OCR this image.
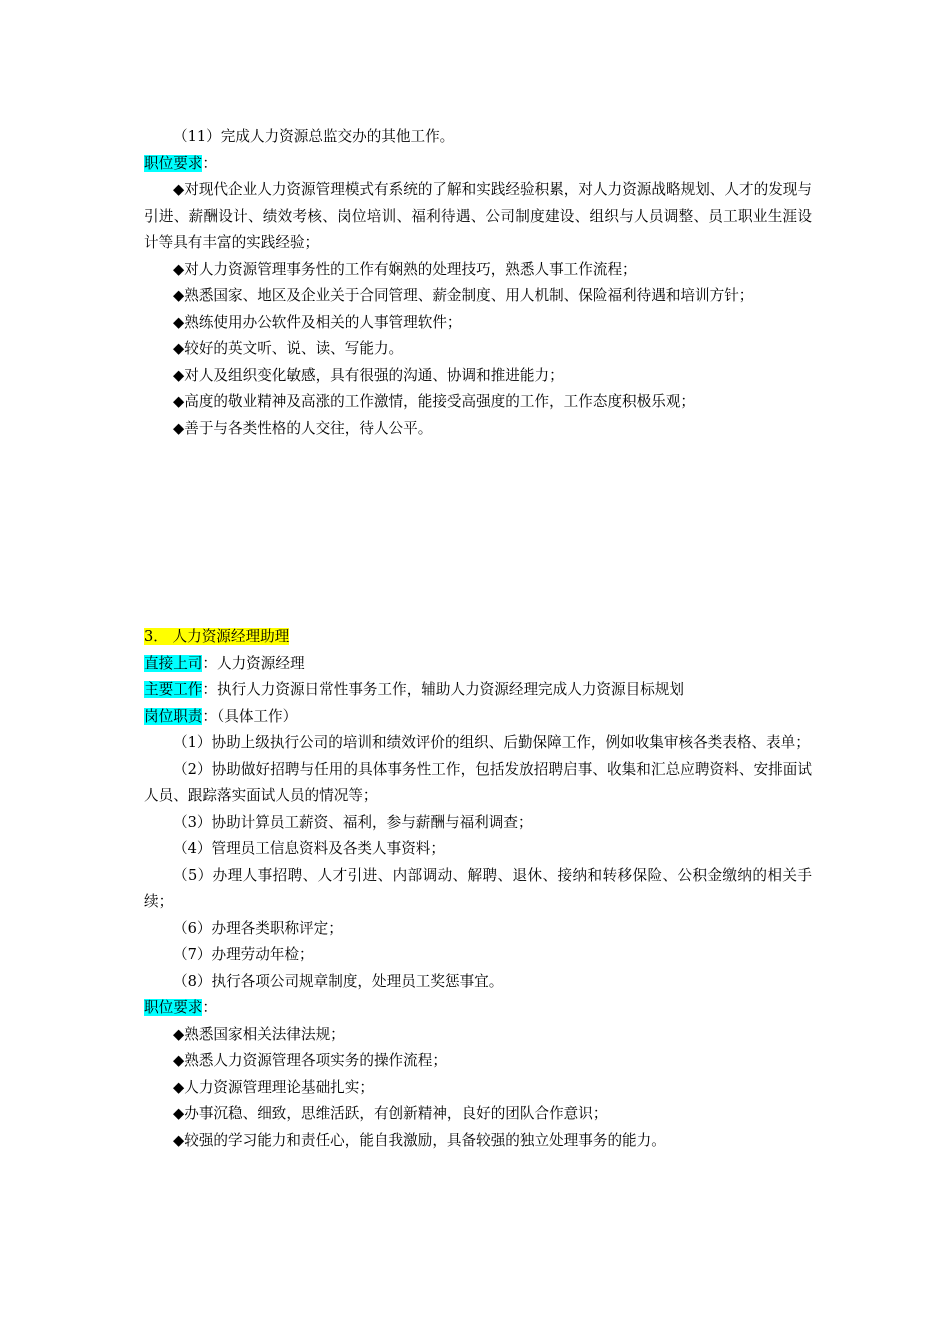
（11）完成人力资源总监交办的其他工作。

职位要求：

◆对现代企业人力资源管理模式有系统的了解和实践经验积累，对人力资源战略规划、人才的发现与引进、薪酬设计、绩效考核、岗位培训、福利待遇、公司制度建设、组织与人员调整、员工职业生涯设计等具有丰富的实践经验；

◆对人力资源管理事务性的工作有娴熟的处理技巧，熟悉人事工作流程；

◆熟悉国家、地区及企业关于合同管理、薪金制度、用人机制、保险福利待遇和培训方针；

◆熟练使用办公软件及相关的人事管理软件；

◆较好的英文听、说、读、写能力。

◆对人及组织变化敏感，具有很强的沟通、协调和推进能力；

◆高度的敬业精神及高涨的工作激情，能接受高强度的工作，工作态度积极乐观；

◆善于与各类性格的人交往，待人公平。

3． 人力资源经理助理

直接上司：人力资源经理

主要工作：执行人力资源日常性事务工作，辅助人力资源经理完成人力资源目标规划

岗位职责：（具体工作）

（1）协助上级执行公司的培训和绩效评价的组织、后勤保障工作，例如收集审核各类表格、表单；

（2）协助做好招聘与任用的具体事务性工作，包括发放招聘启事、收集和汇总应聘资料、安排面试人员、跟踪落实面试人员的情况等；

（3）协助计算员工薪资、福利，参与薪酬与福利调查；

（4）管理员工信息资料及各类人事资料；

（5）办理人事招聘、人才引进、内部调动、解聘、退休、接纳和转移保险、公积金缴纳的相关手续；

（6）办理各类职称评定；

（7）办理劳动年检；

（8）执行各项公司规章制度，处理员工奖惩事宜。

职位要求：

◆熟悉国家相关法律法规；

◆熟悉人力资源管理各项实务的操作流程；

◆人力资源管理理论基础扎实；

◆办事沉稳、细致，思维活跃，有创新精神，良好的团队合作意识；

◆较强的学习能力和责任心，能自我激励，具备较强的独立处理事务的能力。
